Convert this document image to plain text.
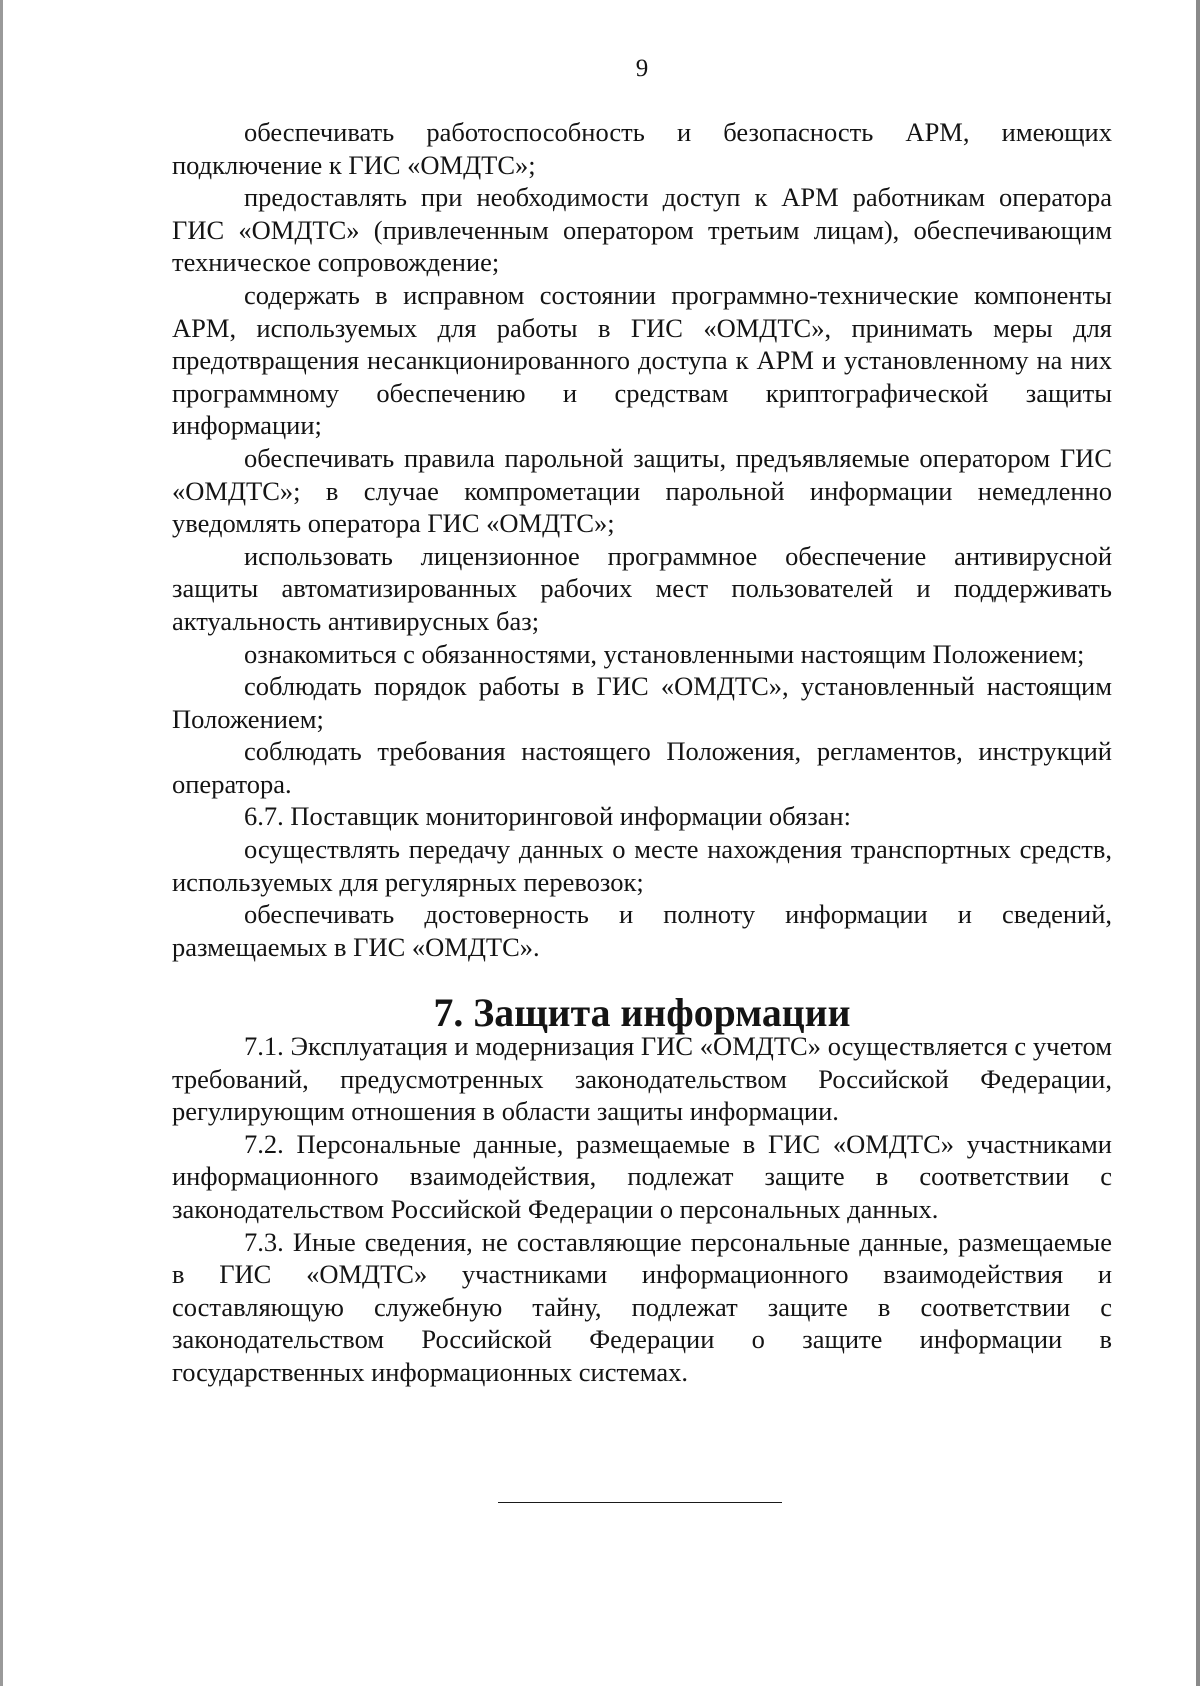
9

обеспечивать работоспособность и безопасность АРМ, имеющих подключение к ГИС «ОМДТС»;

предоставлять при необходимости доступ к АРМ работникам оператора ГИС «ОМДТС» (привлеченным оператором третьим лицам), обеспечивающим техническое сопровождение;

содержать в исправном состоянии программно-технические компоненты АРМ, используемых для работы в ГИС «ОМДТС», принимать меры для предотвращения несанкционированного доступа к АРМ и установленному на них программному обеспечению и средствам криптографической защиты информации;

обеспечивать правила парольной защиты, предъявляемые оператором ГИС «ОМДТС»; в случае компрометации парольной информации немедленно уведомлять оператора ГИС «ОМДТС»;

использовать лицензионное программное обеспечение антивирусной защиты автоматизированных рабочих мест пользователей и поддерживать актуальность антивирусных баз;

ознакомиться с обязанностями, установленными настоящим Положением;

соблюдать порядок работы в ГИС «ОМДТС», установленный настоящим Положением;

соблюдать требования настоящего Положения, регламентов, инструкций оператора.

6.7. Поставщик мониторинговой информации обязан:

осуществлять передачу данных о месте нахождения транспортных средств, используемых для регулярных перевозок;

обеспечивать достоверность и полноту информации и сведений, размещаемых в ГИС «ОМДТС».

7. Защита информации

7.1. Эксплуатация и модернизация ГИС «ОМДТС» осуществляется с учетом требований, предусмотренных законодательством Российской Федерации, регулирующим отношения в области защиты информации.

7.2. Персональные данные, размещаемые в ГИС «ОМДТС» участниками информационного взаимодействия, подлежат защите в соответствии с законодательством Российской Федерации о персональных данных.

7.3. Иные сведения, не составляющие персональные данные, размещаемые в ГИС «ОМДТС» участниками информационного взаимодействия и составляющую служебную тайну, подлежат защите в соответствии с законодательством Российской Федерации о защите информации в государственных информационных системах.
